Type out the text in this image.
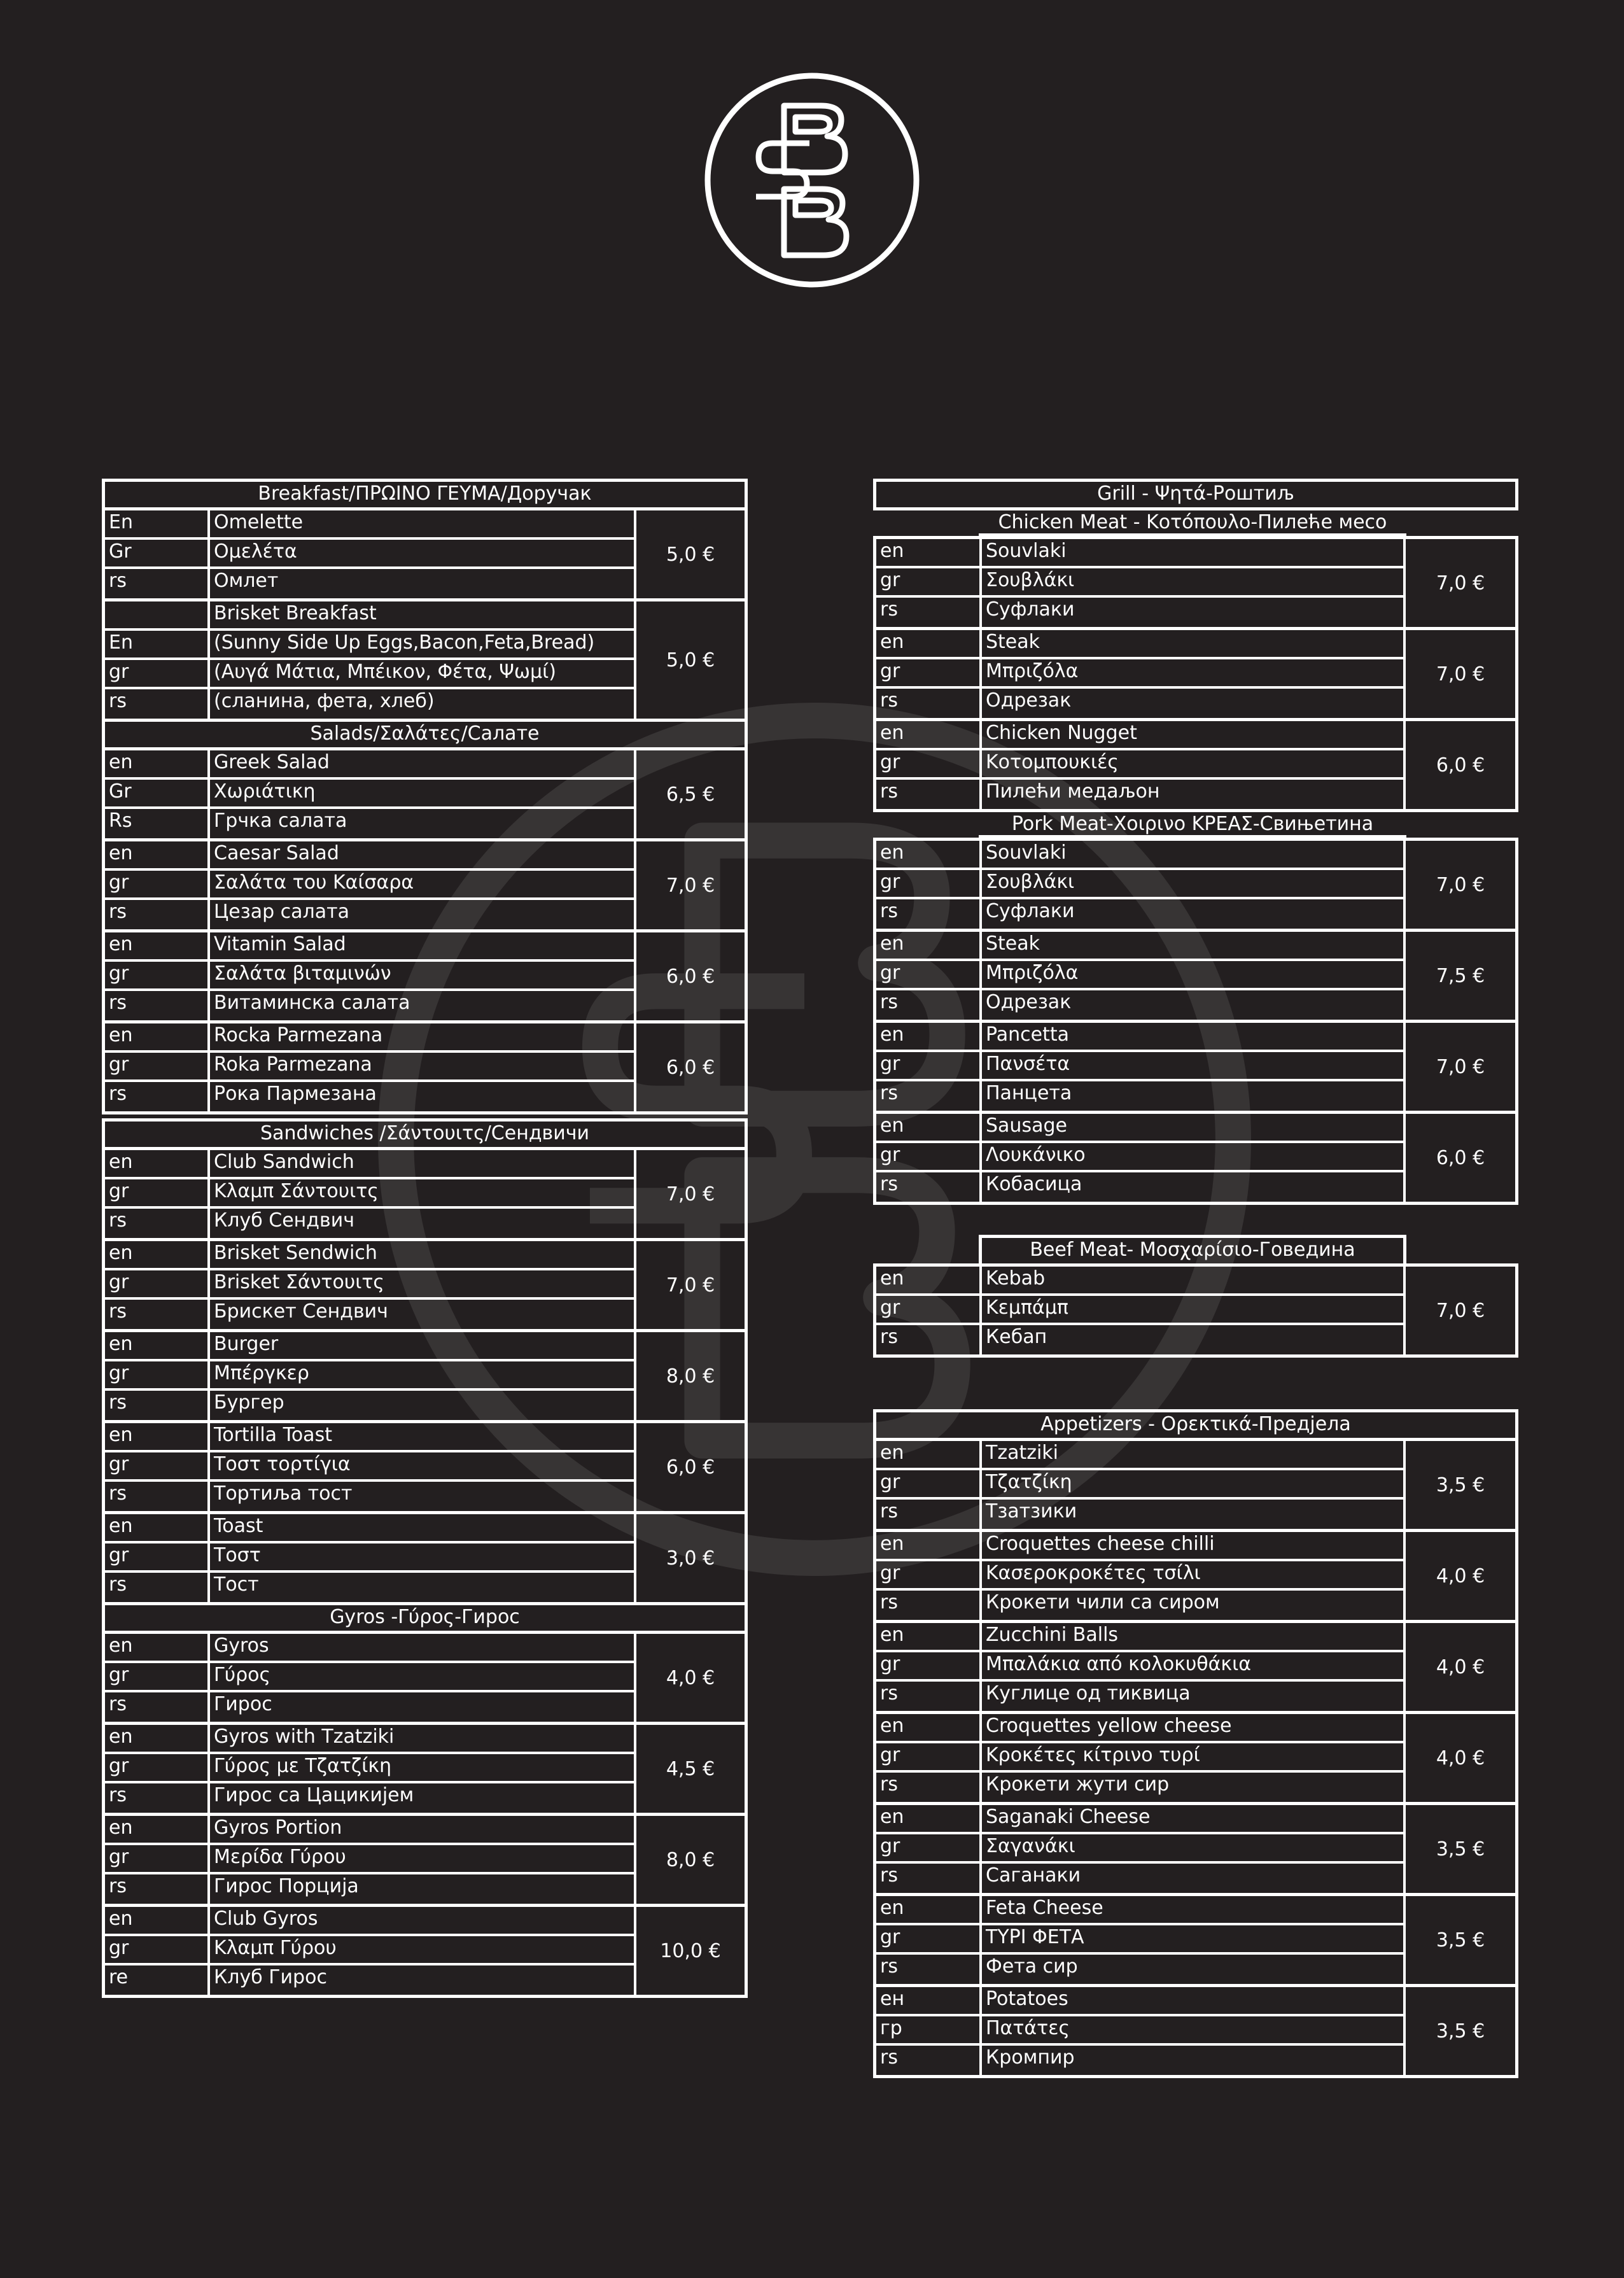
Breakfast/ΠΡΩΙΝΟ ΓΕΥΜΑ/Доручак
En	Omelette
Gr	Ομελέτα
rs	Омлет
5,0 €
Brisket Breakfast
En	(Sunny Side Up Eggs,Bacon,Feta,Bread)
gr	(Αυγά Μάτια, Μπέικον, Φέτα, Ψωμί)
rs	(сланина, фета, хлеб)
5,0 €
Salads/Σαλάτες/Салате
en	Greek Salad
Gr	Χωριάτικη
Rs	Грчка салата
6,5 €
en	Caesar Salad
gr	Σαλάτα του Καίσαρα
rs	Цезар салата
7,0 €
en	Vitamin Salad
gr	Σαλάτα βιταμινών
rs	Витаминска салата
6,0 €
en	Rocka Parmezana
gr	Roka Parmezana
rs	Рока Пармезана
6,0 €
Sandwiches /Σάντουιτς/Сендвичи
en	Club Sandwich
gr	Κλαμπ Σάντουιτς
rs	Клуб Сендвич
7,0 €
en	Brisket Sendwich
gr	Brisket Σάντουιτς
rs	Брискет Сендвич
7,0 €
en	Burger
gr	Μπέργκερ
rs	Бургер
8,0 €
en	Tortilla Toast
gr	Τοστ τορτίγια
rs	Тортиља тост
6,0 €
en	Toast
gr	Τοστ
rs	Тост
3,0 €
Gyros -Γύρος-Гирос
en	Gyros
gr	Γύρος
rs	Гирос
4,0 €
en	Gyros with Tzatziki
gr	Γύρος με Τζατζίκη
rs	Гирос са Цацикијем
4,5 €
en	Gyros Portion
gr	Μερίδα Γύρου
rs	Гирос Порција
8,0 €
en	Club Gyros
gr	Κλαμπ Γύρου
re	Клуб Гирос
10,0 €
Grill - Ψητά-Роштиљ
Chicken Meat - Κοτόπουλο-Пилеће месо
en	Souvlaki
gr	Σουβλάκι
rs	Суфлаки
7,0 €
en	Steak
gr	Μπριζόλα
rs	Одрезак
7,0 €
en	Chicken Nugget
gr	Κοτομπουκιές
rs	Пилећи медаљон
6,0 €
Pork Meat-Χοιρινο ΚΡΕΑΣ-Свињетина
en	Souvlaki
gr	Σουβλάκι
rs	Суфлаки
7,0 €
en	Steak
gr	Μπριζόλα
rs	Одрезак
7,5 €
en	Pancetta
gr	Πανσέτα
rs	Панцета
7,0 €
en	Sausage
gr	Λουκάνικο
rs	Кобасица
6,0 €
Beef Meat- Μοσχαρίσιο-Говедина
en	Kebab
gr	Κεμπάμπ
rs	Кебап
7,0 €
Appetizers - Ορεκτικά-Предјела
en	Tzatziki
gr	Τζατζίκη
rs	Тзатзики
3,5 €
en	Croquettes cheese chilli
gr	Κασεροκροκέτες τσίλι
rs	Крокети чили са сиром
4,0 €
en	Zucchini Balls
gr	Μπαλάκια από κολοκυθάκια
rs	Куглице од тиквица
4,0 €
en	Croquettes yellow cheese
gr	Κροκέτες κίτρινο τυρί
rs	Крокети жути сир
4,0 €
en	Saganaki Cheese
gr	Σαγανάκι
rs	Саганаки
3,5 €
en	Feta Cheese
gr	ΤΥΡΙ ΦΕΤΑ
rs	Фета сир
3,5 €
ен	Potatoes
гр	Πατάτες
rs	Кромпир
3,5 €
